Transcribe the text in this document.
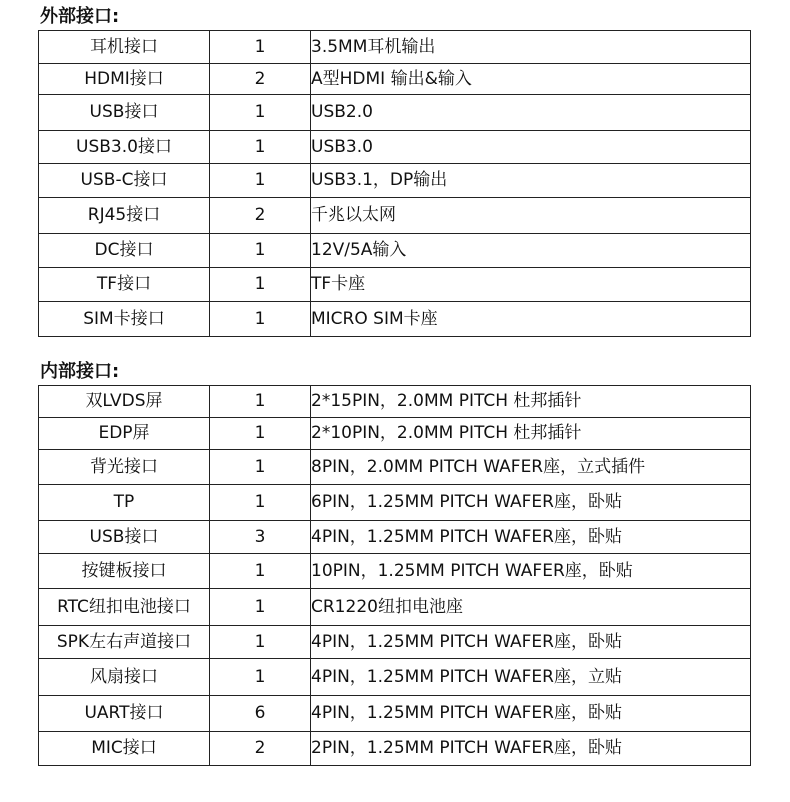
外部接口:
耳机接口	1	3.5MM耳机输出
HDMI接口	2	A型HDMI 输出&输入
USB接口	1	USB2.0
USB3.0接口	1	USB3.0
USB-C接口	1	USB3.1，DP输出
RJ45接口	2	千兆以太网
DC接口	1	12V/5A输入
TF接口	1	TF卡座
SIM卡接口	1	MICRO SIM卡座
内部接口:
双LVDS屏	1	2*15PIN，2.0MM PITCH 杜邦插针
EDP屏	1	2*10PIN，2.0MM PITCH 杜邦插针
背光接口	1	8PIN，2.0MM PITCH WAFER座，立式插件
TP	1	6PIN，1.25MM PITCH WAFER座，卧贴
USB接口	3	4PIN，1.25MM PITCH WAFER座，卧贴
按键板接口	1	10PIN，1.25MM PITCH WAFER座，卧贴
RTC纽扣电池接口	1	CR1220纽扣电池座
SPK左右声道接口	1	4PIN，1.25MM PITCH WAFER座，卧贴
风扇接口	1	4PIN，1.25MM PITCH WAFER座，立贴
UART接口	6	4PIN，1.25MM PITCH WAFER座，卧贴
MIC接口	2	2PIN，1.25MM PITCH WAFER座，卧贴
